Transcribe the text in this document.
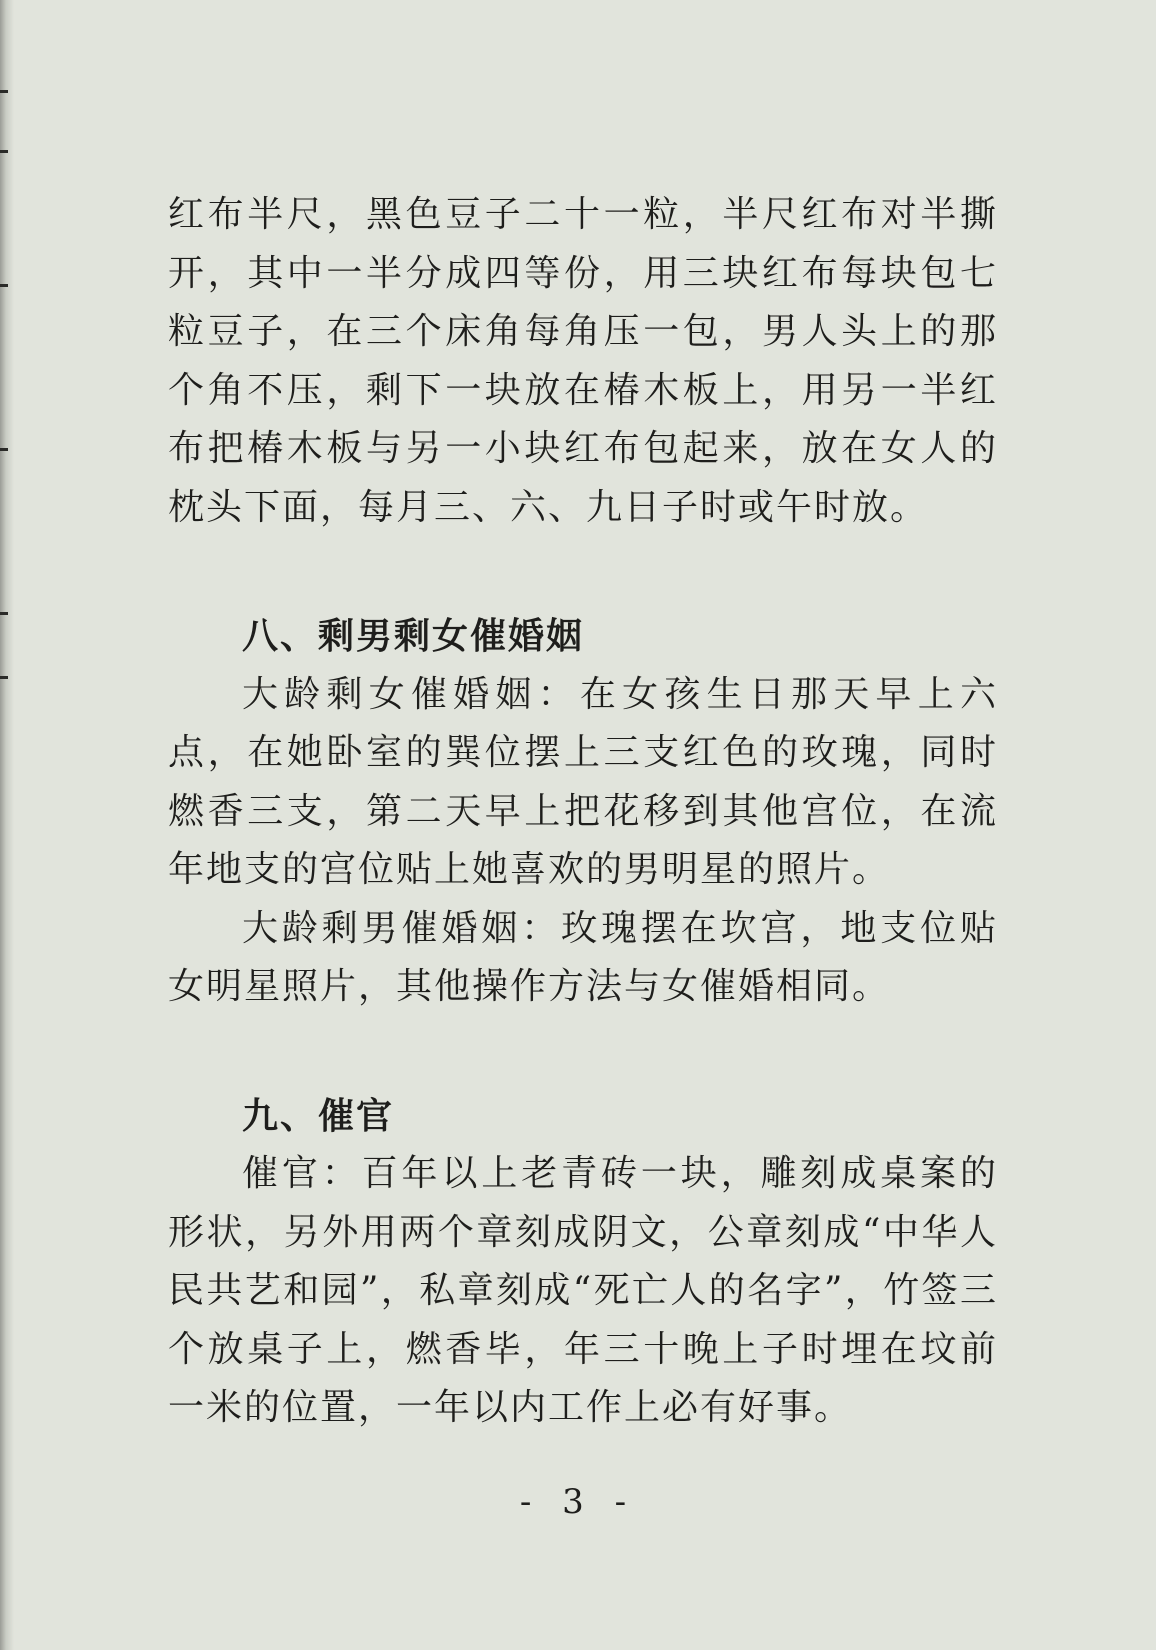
红布半尺，黑色豆子二十一粒，半尺红布对半撕开，其中一半分成四等份，用三块红布每块包七粒豆子，在三个床角每角压一包，男人头上的那个角不压，剩下一块放在椿木板上，用另一半红布把椿木板与另一小块红布包起来，放在女人的枕头下面，每月三、六、九日子时或午时放。

八、剩男剩女催婚姻

大龄剩女催婚姻：在女孩生日那天早上六点，在她卧室的巽位摆上三支红色的玫瑰，同时燃香三支，第二天早上把花移到其他宫位，在流年地支的宫位贴上她喜欢的男明星的照片。

大龄剩男催婚姻：玫瑰摆在坎宫，地支位贴女明星照片，其他操作方法与女催婚相同。

九、催官

催官：百年以上老青砖一块，雕刻成桌案的形状，另外用两个章刻成阴文，公章刻成“中华人民共艺和园”，私章刻成“死亡人的名字”，竹签三个放桌子上，燃香毕，年三十晚上子时埋在坟前一米的位置，一年以内工作上必有好事。

- 3 -
